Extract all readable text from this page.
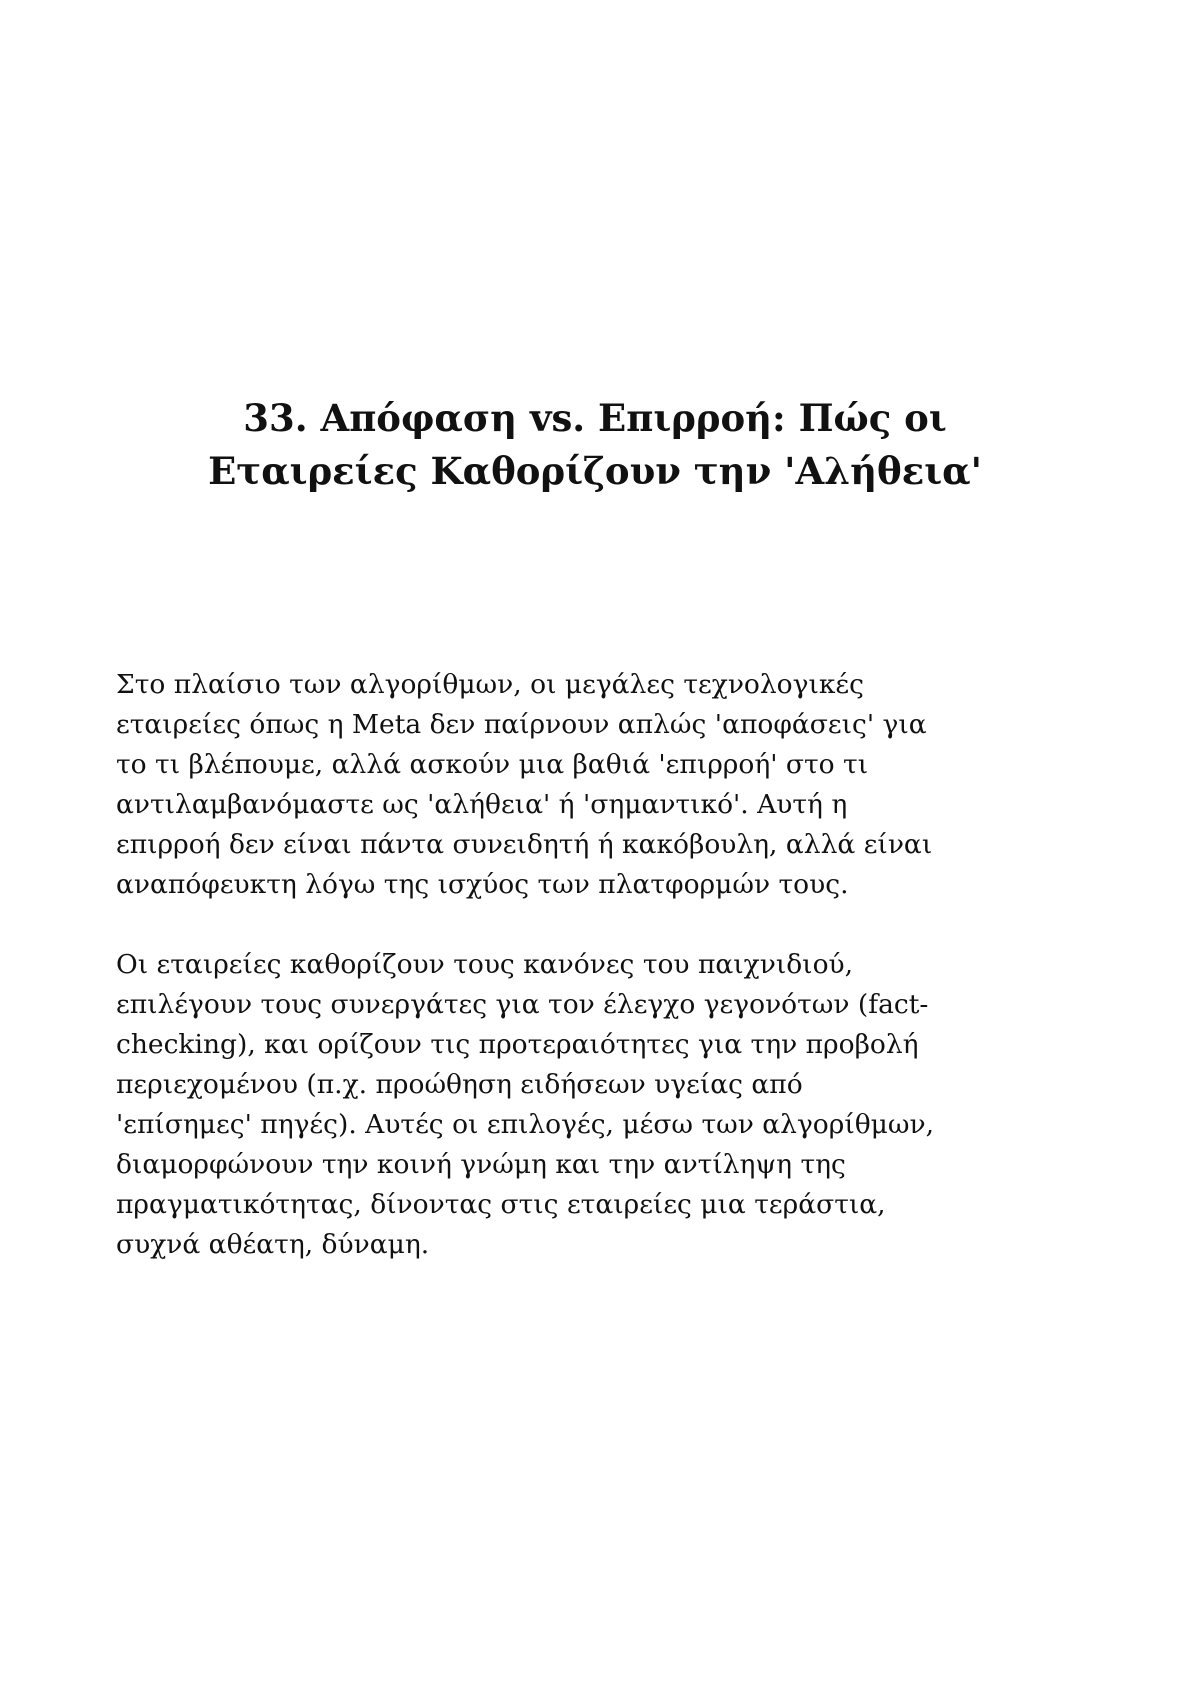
33. Απόφαση vs. Επιρροή: Πώς οι
Εταιρείες Καθορίζουν την 'Αλήθεια'

Στο πλαίσιο των αλγορίθμων, οι μεγάλες τεχνολογικές
εταιρείες όπως η Meta δεν παίρνουν απλώς 'αποφάσεις' για
το τι βλέπουμε, αλλά ασκούν μια βαθιά 'επιρροή' στο τι
αντιλαμβανόμαστε ως 'αλήθεια' ή 'σημαντικό'. Αυτή η
επιρροή δεν είναι πάντα συνειδητή ή κακόβουλη, αλλά είναι
αναπόφευκτη λόγω της ισχύος των πλατφορμών τους.

Οι εταιρείες καθορίζουν τους κανόνες του παιχνιδιού,
επιλέγουν τους συνεργάτες για τον έλεγχο γεγονότων (fact-
checking), και ορίζουν τις προτεραιότητες για την προβολή
περιεχομένου (π.χ. προώθηση ειδήσεων υγείας από
'επίσημες' πηγές). Αυτές οι επιλογές, μέσω των αλγορίθμων,
διαμορφώνουν την κοινή γνώμη και την αντίληψη της
πραγματικότητας, δίνοντας στις εταιρείες μια τεράστια,
συχνά αθέατη, δύναμη.
